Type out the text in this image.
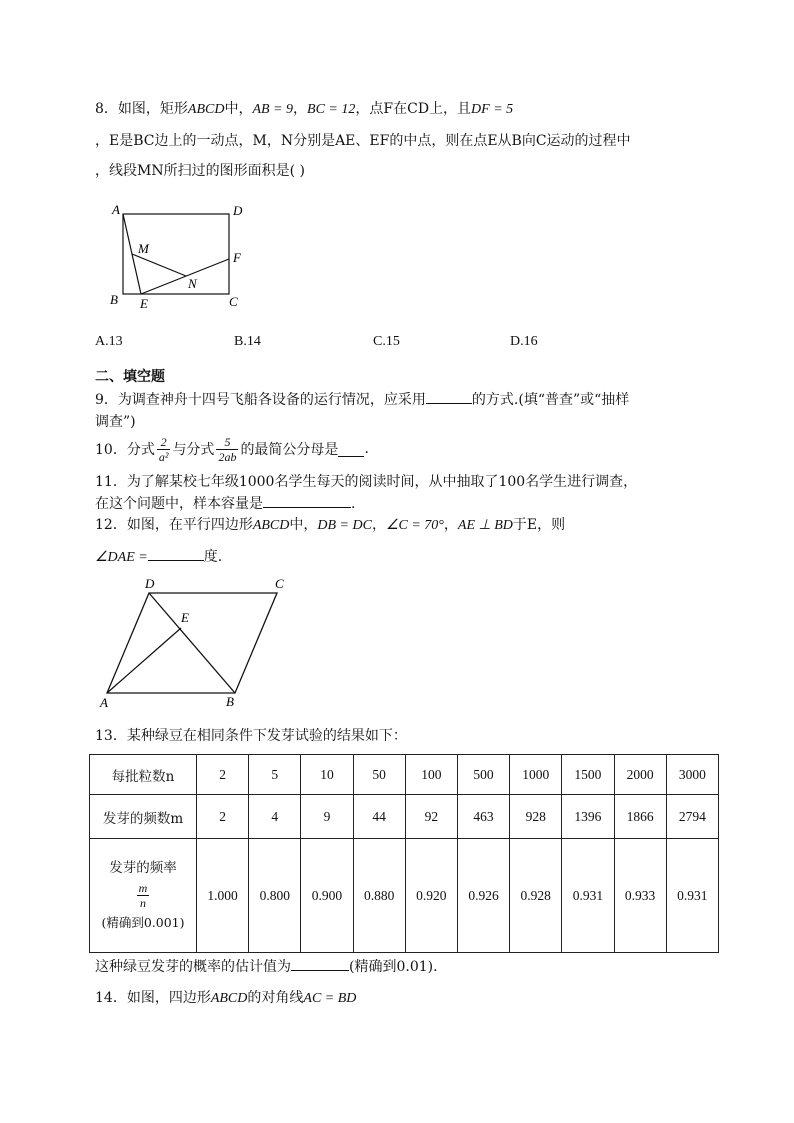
8．如图，矩形ABCD中，AB = 9，BC = 12，点F在CD上，且DF = 5
，E是BC边上的一动点，M，N分别是AE、EF的中点，则在点E从B向C运动的过程中
，线段MN所扫过的图形面积是( )
A	D
M
F
N
B E	C
A.13	B.14	C.15	D.16
二、填空题
9．为调查神舟十四号飞船各设备的运行情况，应采用	的方式.(填“普查”或“抽样
调查”)
10．分式 $\frac{2}{\text{a²}}$ 与分式 $\frac{5}{2ab}$ 的最简公分母是 .
11．为了解某校七年级1000名学生每天的阅读时间，从中抽取了100名学生进行调查，
在这个问题中，样本容量是	.
12．如图，在平行四边形ABCD中，DB = DC，∠C = 70°，AE ⊥ BD于E，则
∠DAE =	度.
D	C
E
A	B
13．某种绿豆在相同条件下发芽试验的结果如下：
每批粒数n	2	5	10	50	100	500	1000	1500	2000	3000
发芽的频数m	2	4	9	44	92	463	928	1396	1866	2794

发芽的频率
$\frac{m}{n}$
(精确到0.001)	1.000	0.800	0.900	0.880	0.920	0.926	0.928	0.931	0.933	0.931
这种绿豆发芽的概率的估计值为	(精确到0.01).
14．如图，四边形ABCD的对角线AC = BD
